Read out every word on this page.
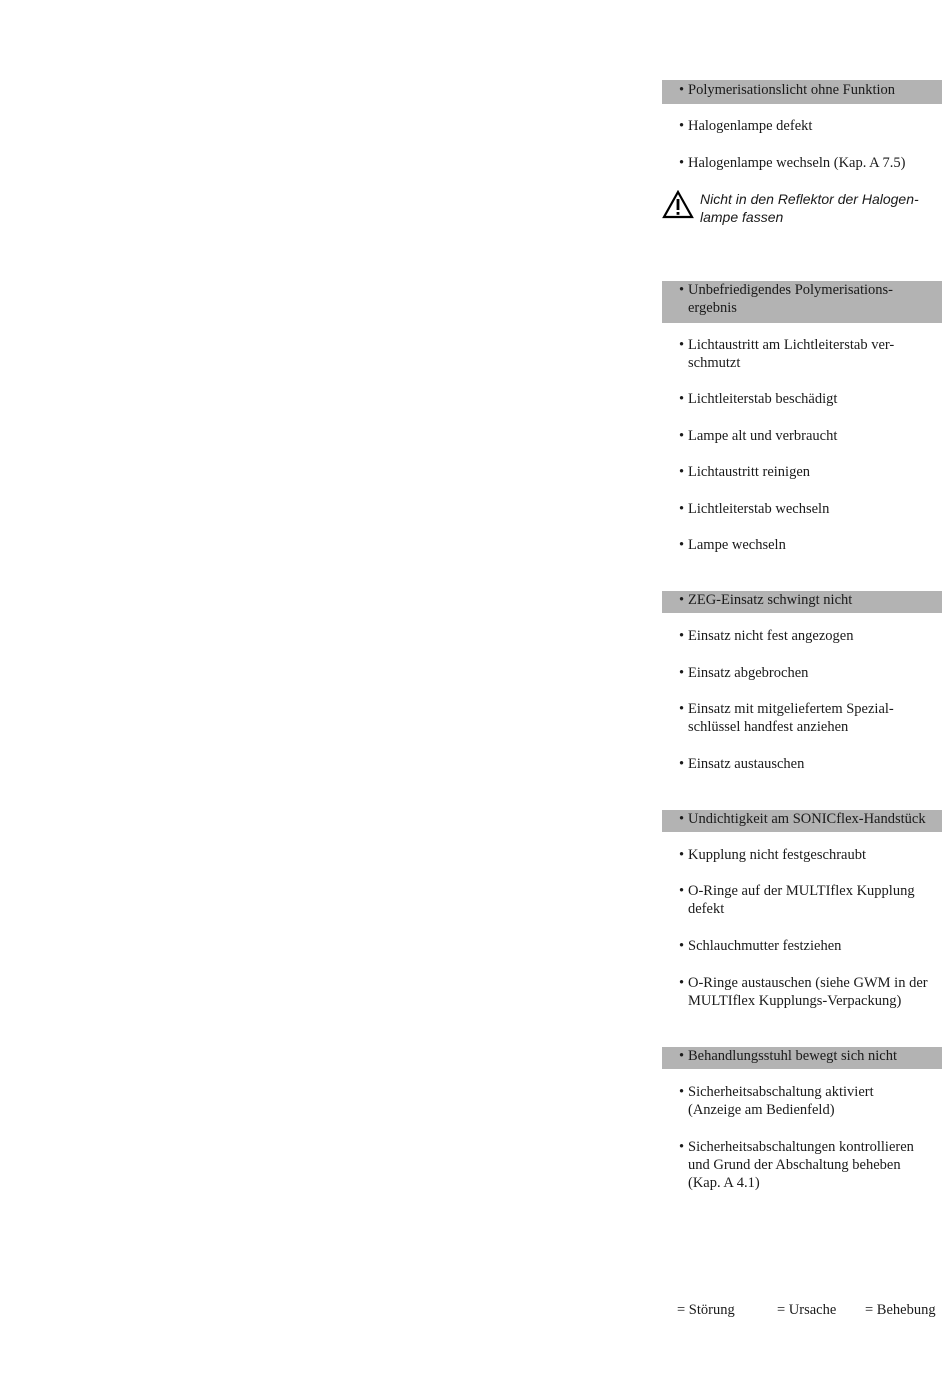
• Polymerisationslicht ohne Funktion
• Halogenlampe defekt
• Halogenlampe wechseln (Kap. A 7.5)
Nicht in den Reflektor der Halogen-
lampe fassen
• Unbefriedigendes Polymerisations-
ergebnis
• Lichtaustritt am Lichtleiterstab ver-
schmutzt
• Lichtleiterstab beschädigt
• Lampe alt und verbraucht
• Lichtaustritt reinigen
• Lichtleiterstab wechseln
• Lampe wechseln
• ZEG-Einsatz schwingt nicht
• Einsatz nicht fest angezogen
• Einsatz abgebrochen
• Einsatz mit mitgeliefertem Spezial-
schlüssel handfest anziehen
• Einsatz austauschen
• Undichtigkeit am SONICflex-Handstück
• Kupplung nicht festgeschraubt
• O-Ringe auf der MULTIflex Kupplung
defekt
• Schlauchmutter festziehen
• O-Ringe austauschen (siehe GWM in der
MULTIflex Kupplungs-Verpackung)
• Behandlungsstuhl bewegt sich nicht
• Sicherheitsabschaltung aktiviert
(Anzeige am Bedienfeld)
• Sicherheitsabschaltungen kontrollieren
und Grund der Abschaltung beheben
(Kap. A 4.1)
= Störung	= Ursache = Behebung
